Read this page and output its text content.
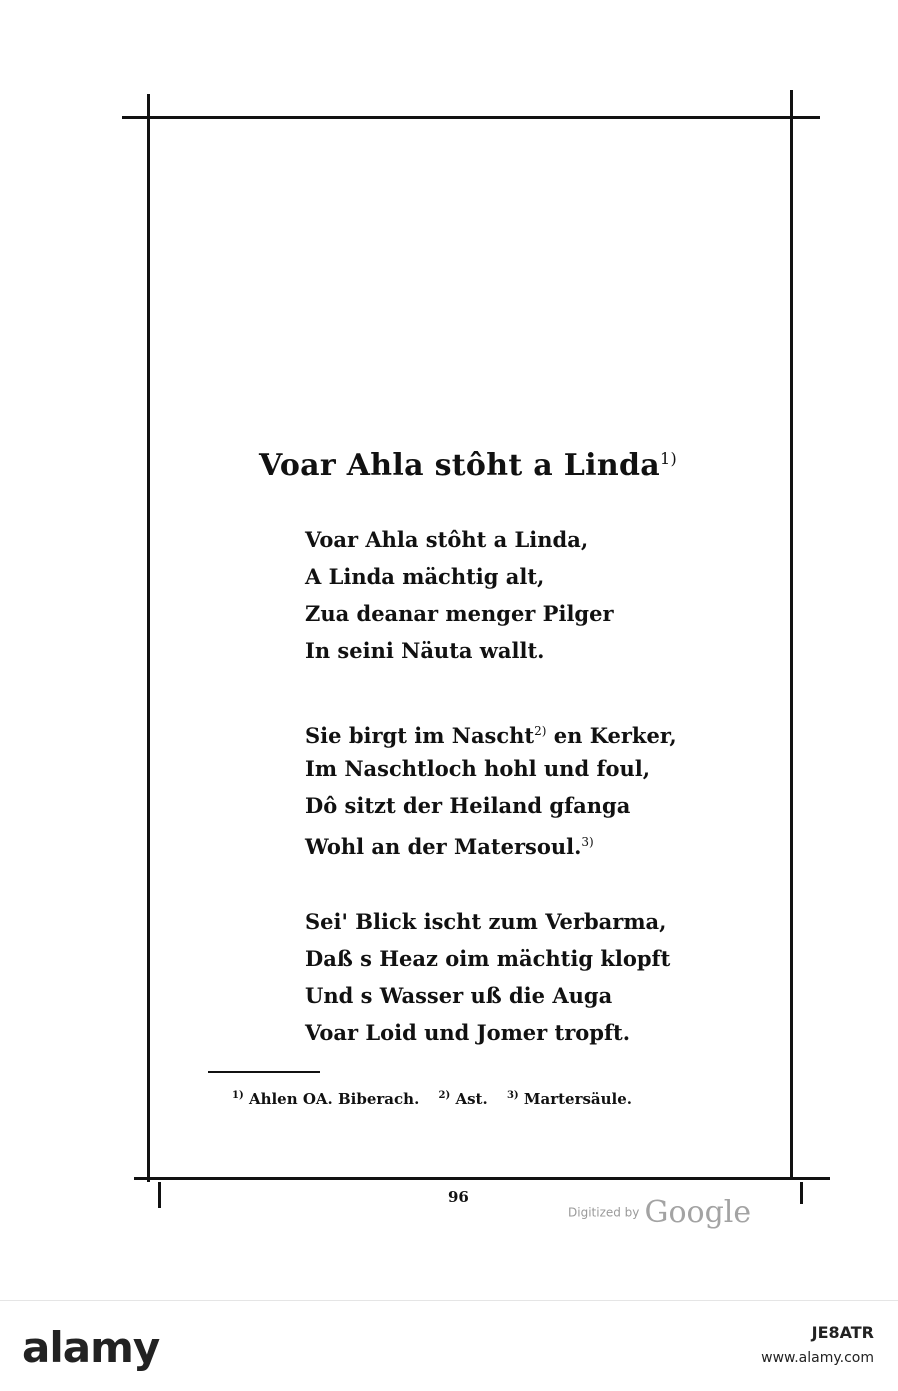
Voar Ahla stôht a Linda$^{1)}$
Voar Ahla stôht a Linda,
A Linda mächtig alt,
Zua deanar menger Pilger
In seini Näuta wallt.
Sie birgt im Nascht$^{2)}$ en Kerker,
Im Naschtloch hohl und foul,
Dô sitzt der Heiland gfanga
Wohl an der Matersoul.$^{3)}$
Sei' Blick ischt zum Verbarma,
Daß s Heaz oim mächtig klopft
Und s Wasser uß die Auga
Voar Loid und Jomer tropft.
$^{1)}$ Ahlen OA. Biberach. $^{2)}$ Ast. $^{3)}$ Martersäule.
96
Digitized by Google
alamy	JE8ATR
www.alamy.com
